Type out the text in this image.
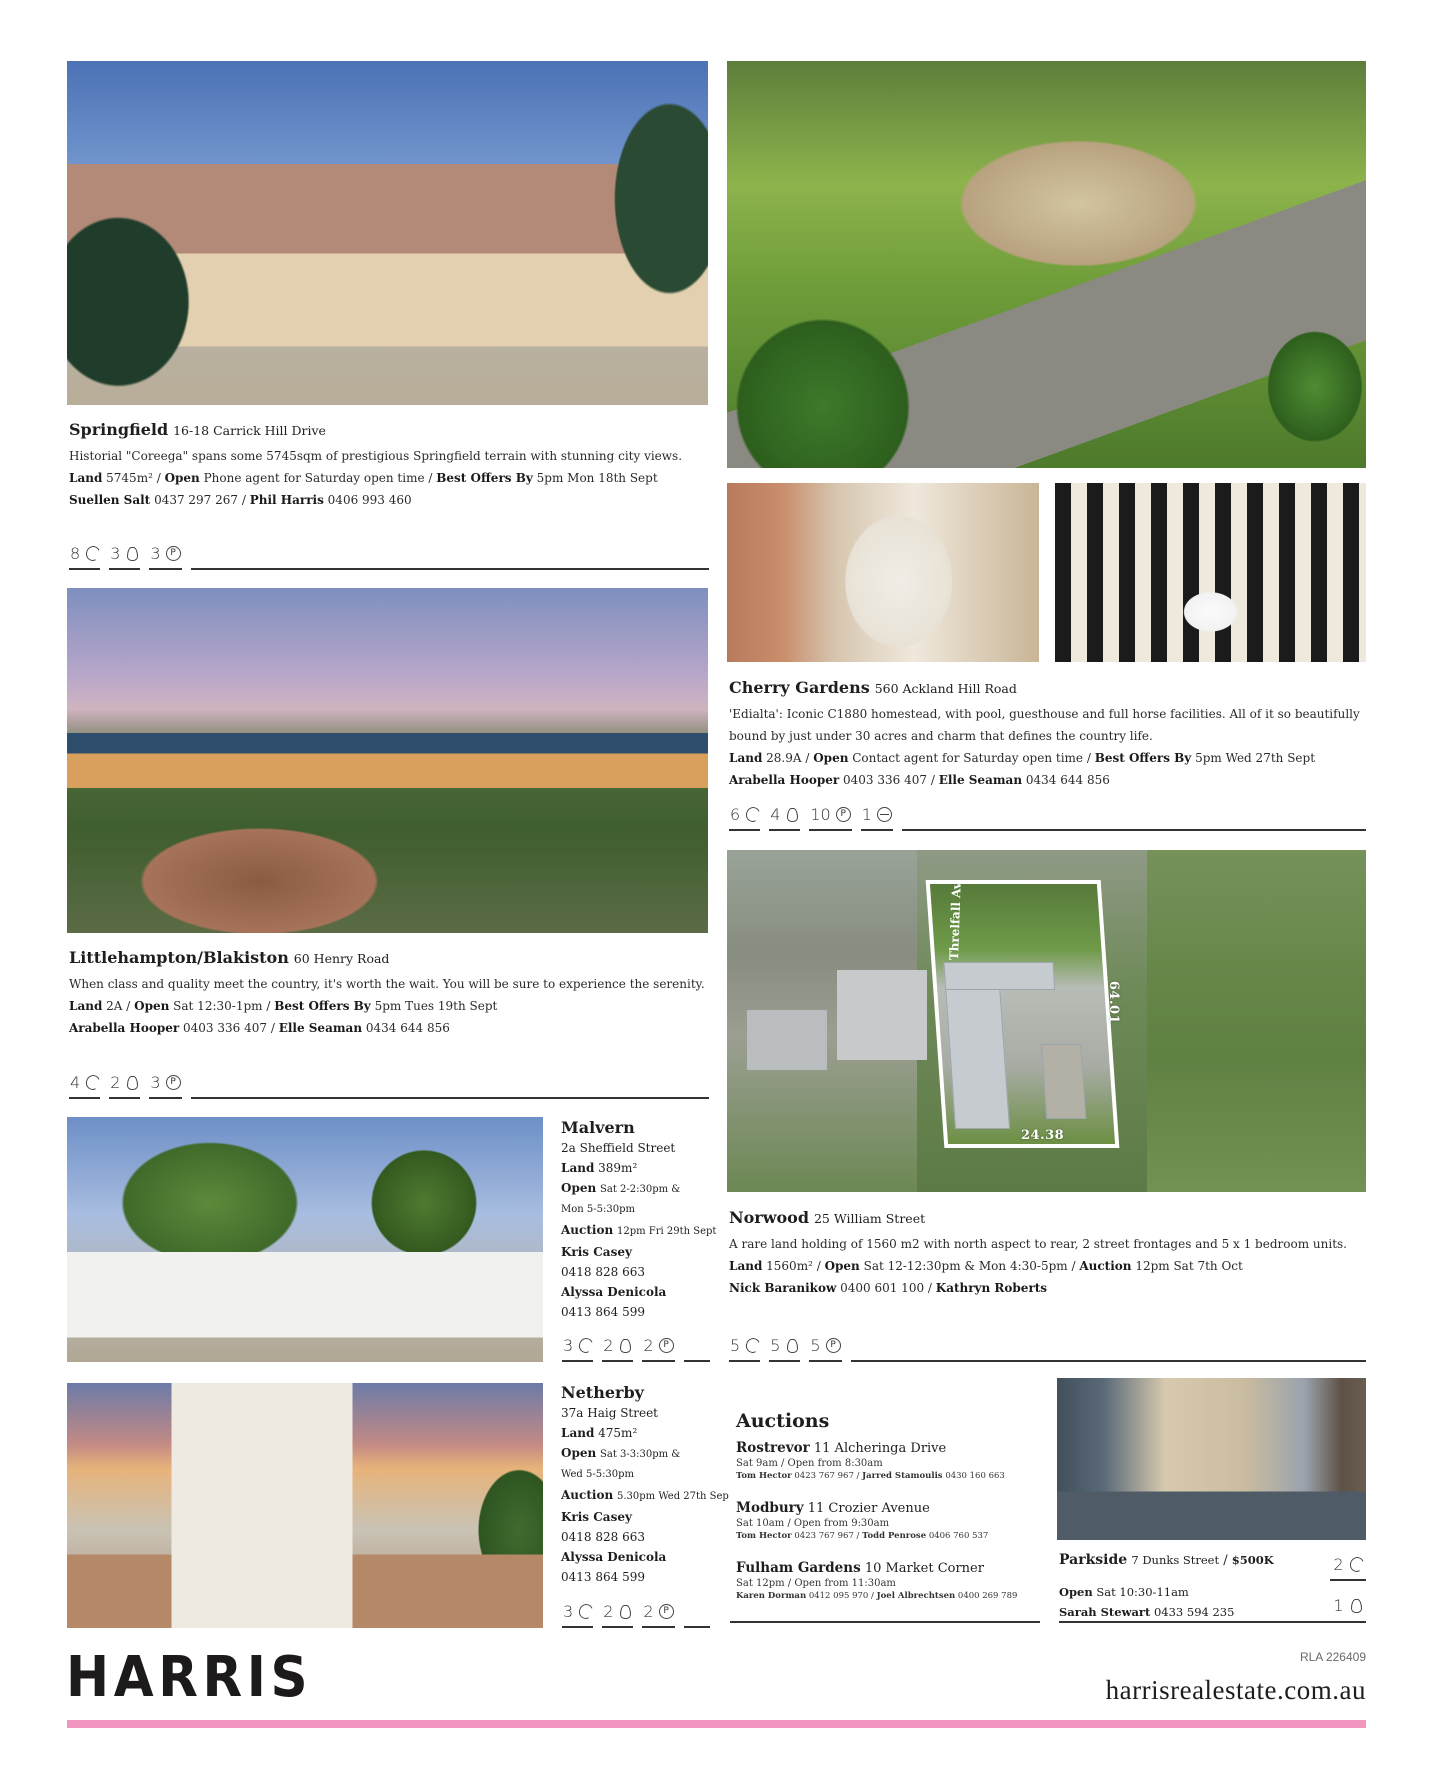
Springfield 16-18 Carrick Hill Drive
Historial "Coreega" spans some 5745sqm of prestigious Springfield terrain with stunning city views.
Land 5745m² / Open Phone agent for Saturday open time / Best Offers By 5pm Mon 18th Sept
Suellen Salt 0437 297 267 / Phil Harris 0406 993 460
8 3 3	P
Cherry Gardens 560 Ackland Hill Road
'Edialta': Iconic C1880 homestead, with pool, guesthouse and full horse facilities. All of it so beautifully
bound by just under 30 acres and charm that defines the country life.
Land 28.9A / Open Contact agent for Saturday open time / Best Offers By 5pm Wed 27th Sept
Arabella Hooper 0403 336 407 / Elle Seaman 0434 644 856
6 4 10	P 1
Littlehampton/Blakiston 60 Henry Road
When class and quality meet the country, it's worth the wait. You will be sure to experience the serenity.
Land 2A / Open Sat 12:30-1pm / Best Offers By 5pm Tues 19th Sept
Arabella Hooper 0403 336 407 / Elle Seaman 0434 644 856
4 2 3	P
Threlfall Av
64.01
24.38
Norwood 25 William Street
A rare land holding of 1560 m2 with north aspect to rear, 2 street frontages and 5 x 1 bedroom units.
Land 1560m² / Open Sat 12-12:30pm & Mon 4:30-5pm / Auction 12pm Sat 7th Oct
Nick Baranikow 0400 601 100 / Kathryn Roberts
5 5 5	P
Malvern
2a Sheffield Street
Land 389m²
Open Sat 2-2:30pm &
Mon 5-5:30pm
Auction 12pm Fri 29th Sept
Kris Casey
0418 828 663
Alyssa Denicola
0413 864 599
3 2 2	P
Netherby
37a Haig Street
Land 475m²
Open Sat 3-3:30pm &
Wed 5-5:30pm
Auction 5.30pm Wed 27th Sep
Kris Casey
0418 828 663
Alyssa Denicola
0413 864 599
3 2 2	P
Auctions
Rostrevor 11 Alcheringa Drive
Sat 9am / Open from 8:30am
Tom Hector 0423 767 967 / Jarred Stamoulis 0430 160 663
Modbury 11 Crozier Avenue
Sat 10am / Open from 9:30am
Tom Hector 0423 767 967 / Todd Penrose 0406 760 537
Fulham Gardens 10 Market Corner
Sat 12pm / Open from 11:30am
Karen Dorman 0412 095 970 / Joel Albrechtsen 0400 269 789
Parkside 7 Dunks Street / $500K
Open Sat 10:30-11am
Sarah Stewart 0433 594 235
2
1
HARRIS	RLA 226409
harrisrealestate.com.au
